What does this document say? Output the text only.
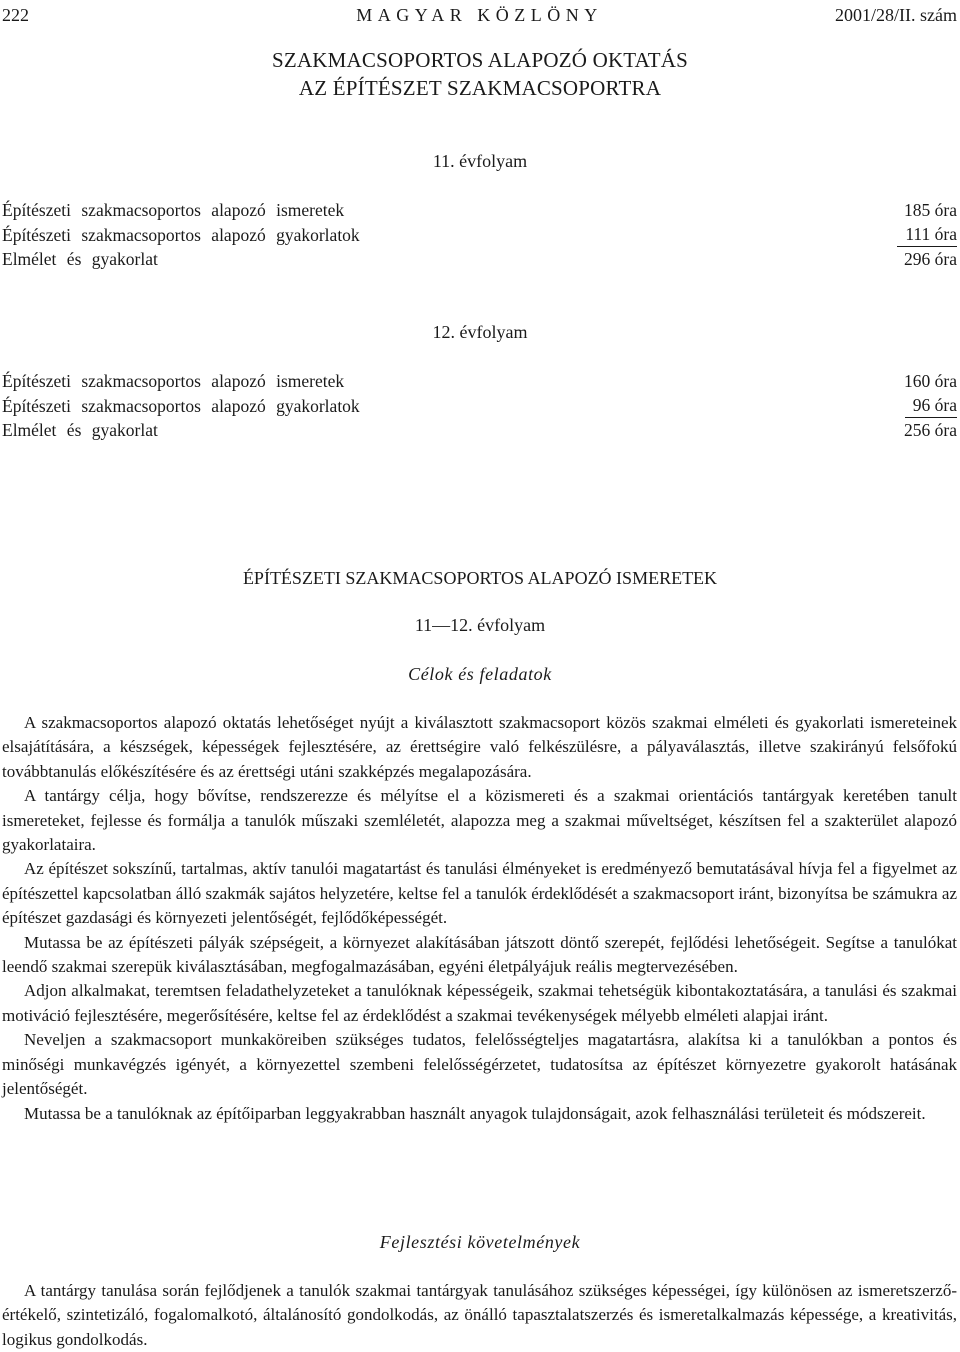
222	MAGYAR KÖZLÖNY	2001/28/II. szám
SZAKMACSOPORTOS ALAPOZÓ OKTATÁS
AZ ÉPÍTÉSZET SZAKMACSOPORTRA
11. évfolyam
Építészeti szakmacsoportos alapozó ismeretek	185 óra
Építészeti szakmacsoportos alapozó gyakorlatok	111 óra
Elmélet és gyakorlat	296 óra
12. évfolyam
Építészeti szakmacsoportos alapozó ismeretek	160 óra
Építészeti szakmacsoportos alapozó gyakorlatok	96 óra
Elmélet és gyakorlat	256 óra
ÉPÍTÉSZETI SZAKMACSOPORTOS ALAPOZÓ ISMERETEK
11—12. évfolyam
Célok és feladatok

A szakmacsoportos alapozó oktatás lehetőséget nyújt a kiválasztott szakmacsoport közös szakmai elméleti és gyakorlati ismereteinek elsajátítására, a készségek, képességek fejlesztésére, az érettségire való felkészülésre, a pályaválasztás, illetve szakirányú felsőfokú továbbtanulás előkészítésére és az érettségi utáni szakképzés megalapozására.

A tantárgy célja, hogy bővítse, rendszerezze és mélyítse el a közismereti és a szakmai orientációs tantárgyak keretében tanult ismereteket, fejlesse és formálja a tanulók műszaki szemléletét, alapozza meg a szakmai műveltséget, készítsen fel a szakterület alapozó gyakorlataira.

Az építészet sokszínű, tartalmas, aktív tanulói magatartást és tanulási élményeket is eredményező bemutatásával hívja fel a figyelmet az építészettel kapcsolatban álló szakmák sajátos helyzetére, keltse fel a tanulók érdeklődését a szakmacsoport iránt, bizonyítsa be számukra az építészet gazdasági és környezeti jelentőségét, fejlődőképességét.

Mutassa be az építészeti pályák szépségeit, a környezet alakításában játszott döntő szerepét, fejlődési lehetőségeit. Segítse a tanulókat leendő szakmai szerepük kiválasztásában, megfogalmazásában, egyéni életpályájuk reális megtervezésében.

Adjon alkalmakat, teremtsen feladathelyzeteket a tanulóknak képességeik, szakmai tehetségük kibontakoztatására, a tanulási és szakmai motiváció fejlesztésére, megerősítésére, keltse fel az érdeklődést a szakmai tevékenységek mélyebb elméleti alapjai iránt.

Neveljen a szakmacsoport munkaköreiben szükséges tudatos, felelősségteljes magatartásra, alakítsa ki a tanulókban a pontos és minőségi munkavégzés igényét, a környezettel szembeni felelősségérzetet, tudatosítsa az építészet környezetre gyakorolt hatásának jelentőségét.

Mutassa be a tanulóknak az építőiparban leggyakrabban használt anyagok tulajdonságait, azok felhasználási területeit és módszereit.

Fejlesztési követelmények

A tantárgy tanulása során fejlődjenek a tanulók szakmai tantárgyak tanulásához szükséges képességei, így különösen az ismeretszerző-értékelő, szintetizáló, fogalomalkotó, általánosító gondolkodás, az önálló tapasztalatszerzés és ismeretalkalmazás képessége, a kreativitás, logikus gondolkodás.
